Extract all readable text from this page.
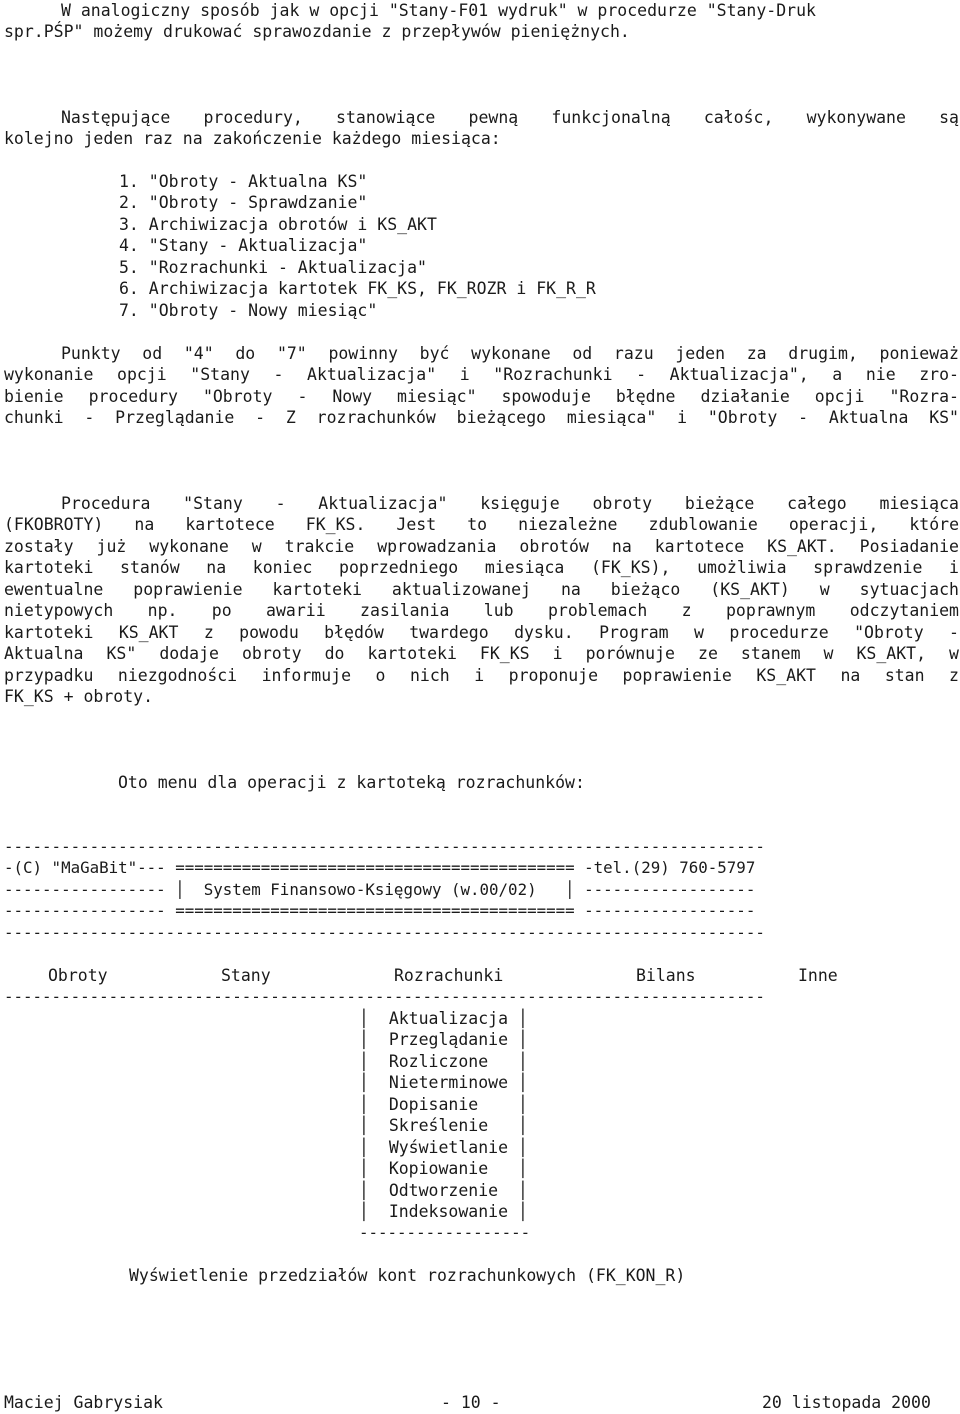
W analogiczny sposób jak w opcji "Stany-F01 wydruk" w procedurze "Stany-Druk
spr.PŚP" możemy drukować sprawozdanie z przepływów pieniężnych.
Następujące procedury, stanowiące pewną funkcjonalną całośc, wykonywane są
kolejno jeden raz na zakończenie każdego miesiąca:
1. "Obroty - Aktualna KS"
2. "Obroty - Sprawdzanie"
3. Archiwizacja obrotów i KS_AKT
4. "Stany - Aktualizacja"
5. "Rozrachunki - Aktualizacja"
6. Archiwizacja kartotek FK_KS, FK_ROZR i FK_R_R
7. "Obroty - Nowy miesiąc"
Punkty od "4" do "7" powinny być wykonane od razu jeden za drugim, ponieważ
wykonanie opcji "Stany - Aktualizacja" i "Rozrachunki - Aktualizacja", a nie zro-
bienie procedury "Obroty - Nowy miesiąc" spowoduje błędne działanie opcji "Rozra-
chunki - Przeglądanie - Z rozrachunków bieżącego miesiąca" i "Obroty - Aktualna KS"
Procedura "Stany - Aktualizacja" księguje obroty bieżące całego miesiąca
(FKOBROTY) na kartotece FK_KS. Jest to niezależne zdublowanie operacji, które
zostały już wykonane w trakcie wprowadzania obrotów na kartotece KS_AKT. Posiadanie
kartoteki stanów na koniec poprzedniego miesiąca (FK_KS), umożliwia sprawdzenie i
ewentualne poprawienie kartoteki aktualizowanej na bieżąco (KS_AKT) w sytuacjach
nietypowych np. po awarii zasilania lub problemach z poprawnym odczytaniem
kartoteki KS_AKT z powodu błędów twardego dysku. Program w procedurze "Obroty -
Aktualna KS" dodaje obroty do kartoteki FK_KS i porównuje ze stanem w KS_AKT, w
przypadku niezgodności informuje o nich i proponuje poprawienie KS_AKT na stan z
FK_KS + obroty.
Oto menu dla operacji z kartoteką rozrachunków:
--------------------------------------------------------------------------------
-(C) "MaGaBit"--- ========================================== -tel.(29) 760-5797
----------------- │  System Finansowo-Księgowy (w.00/02)   │ ------------------
----------------- ========================================== ------------------
--------------------------------------------------------------------------------
Obroty	Stany	Rozrachunki	Bilans	Inne
--------------------------------------------------------------------------------
│  Aktualizacja │
│  Przeglądanie │
│  Rozliczone   │
│  Nieterminowe │
│  Dopisanie    │
│  Skreślenie   │
│  Wyświetlanie │
│  Kopiowanie   │
│  Odtworzenie  │
│  Indeksowanie │
------------------
Wyświetlenie przedziałów kont rozrachunkowych (FK_KON_R)
Maciej Gabrysiak	- 10 -	20 listopada 2000
